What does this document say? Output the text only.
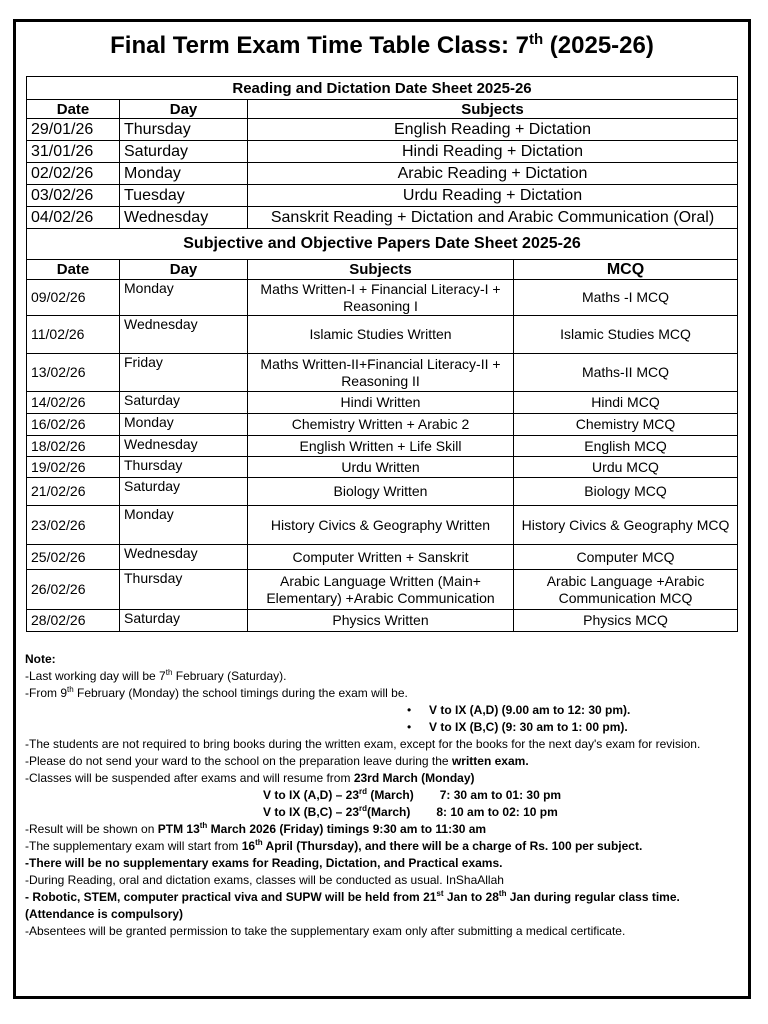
Final Term Exam Time Table Class: 7th (2025-26)
Reading and Dictation Date Sheet 2025-26			
Date	Day	Subjects	
29/01/26	Thursday	English Reading + Dictation	
31/01/26	Saturday	Hindi Reading + Dictation	
02/02/26	Monday	Arabic Reading + Dictation	
03/02/26	Tuesday	Urdu Reading + Dictation	
04/02/26	Wednesday	Sanskrit Reading + Dictation and Arabic Communication (Oral)	
Subjective and Objective Papers Date Sheet 2025-26			
Date	Day	Subjects	MCQ
09/02/26	Monday	Maths Written-I + Financial Literacy-I + Reasoning I	Maths -I MCQ
11/02/26	Wednesday	Islamic Studies Written	Islamic Studies MCQ
13/02/26	Friday	Maths Written-II+Financial Literacy-II + Reasoning II	Maths-II MCQ
14/02/26	Saturday	Hindi Written	Hindi MCQ
16/02/26	Monday	Chemistry Written + Arabic 2	Chemistry MCQ
18/02/26	Wednesday	English Written + Life Skill	English MCQ
19/02/26	Thursday	Urdu Written	Urdu MCQ
21/02/26	Saturday	Biology Written	Biology MCQ
23/02/26	Monday	History Civics & Geography Written	History Civics & Geography MCQ
25/02/26	Wednesday	Computer Written + Sanskrit	Computer MCQ
26/02/26	Thursday	Arabic Language Written (Main+ Elementary) +Arabic Communication	Arabic Language +Arabic Communication MCQ
28/02/26	Saturday	Physics Written	Physics MCQ
Note:
-Last working day will be 7th February (Saturday).
-From 9th February (Monday) the school timings during the exam will be.
• V to IX (A,D) (9.00 am to 12: 30 pm).
• V to IX (B,C) (9: 30 am to 1: 00 pm).
-The students are not required to bring books during the written exam, except for the books for the next day's exam for revision.
-Please do not send your ward to the school on the preparation leave during the written exam.
-Classes will be suspended after exams and will resume from 23rd March (Monday)
V to IX (A,D) – 23rd (March) 7: 30 am to 01: 30 pm
V to IX (B,C) – 23rd(March) 8: 10 am to 02: 10 pm
-Result will be shown on PTM 13th March 2026 (Friday) timings 9:30 am to 11:30 am
-The supplementary exam will start from 16th April (Thursday), and there will be a charge of Rs. 100 per subject.
-There will be no supplementary exams for Reading, Dictation, and Practical exams.
-During Reading, oral and dictation exams, classes will be conducted as usual. InShaAllah
- Robotic, STEM, computer practical viva and SUPW will be held from 21st Jan to 28th Jan during regular class time.
(Attendance is compulsory)
-Absentees will be granted permission to take the supplementary exam only after submitting a medical certificate.
